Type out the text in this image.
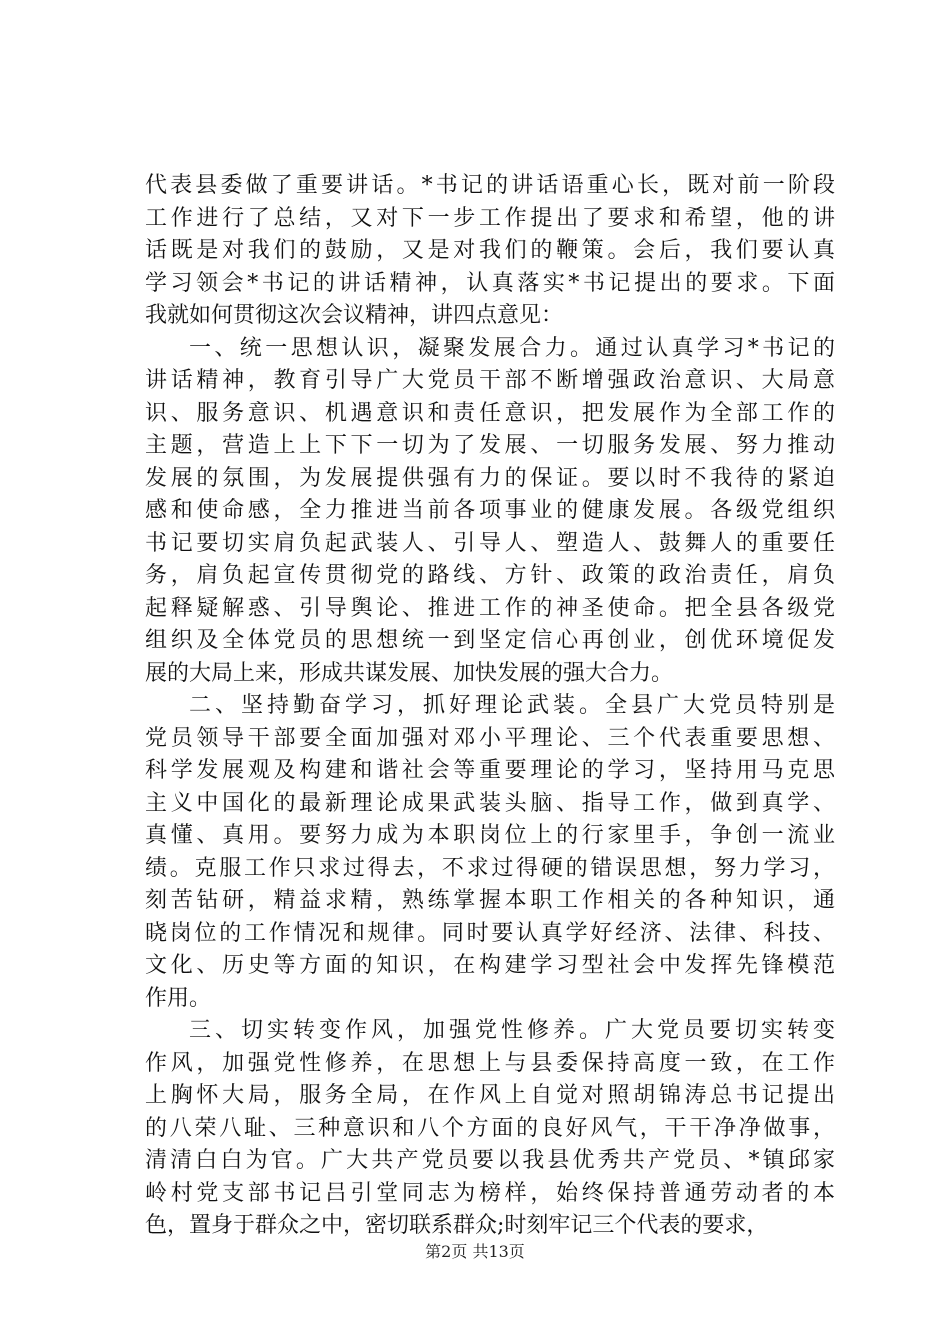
代表县委做了重要讲话。*书记的讲话语重心长，既对前一阶段
工作进行了总结，又对下一步工作提出了要求和希望，他的讲
话既是对我们的鼓励，又是对我们的鞭策。会后，我们要认真
学习领会*书记的讲话精神，认真落实*书记提出的要求。下面
我就如何贯彻这次会议精神，讲四点意见：
一、统一思想认识，凝聚发展合力。通过认真学习*书记的
讲话精神，教育引导广大党员干部不断增强政治意识、大局意
识、服务意识、机遇意识和责任意识，把发展作为全部工作的
主题，营造上上下下一切为了发展、一切服务发展、努力推动
发展的氛围，为发展提供强有力的保证。要以时不我待的紧迫
感和使命感，全力推进当前各项事业的健康发展。各级党组织
书记要切实肩负起武装人、引导人、塑造人、鼓舞人的重要任
务，肩负起宣传贯彻党的路线、方针、政策的政治责任，肩负
起释疑解惑、引导舆论、推进工作的神圣使命。把全县各级党
组织及全体党员的思想统一到坚定信心再创业，创优环境促发
展的大局上来，形成共谋发展、加快发展的强大合力。
二、坚持勤奋学习，抓好理论武装。全县广大党员特别是
党员领导干部要全面加强对邓小平理论、三个代表重要思想、
科学发展观及构建和谐社会等重要理论的学习，坚持用马克思
主义中国化的最新理论成果武装头脑、指导工作，做到真学、
真懂、真用。要努力成为本职岗位上的行家里手，争创一流业
绩。克服工作只求过得去，不求过得硬的错误思想，努力学习，
刻苦钻研，精益求精，熟练掌握本职工作相关的各种知识，通
晓岗位的工作情况和规律。同时要认真学好经济、法律、科技、
文化、历史等方面的知识，在构建学习型社会中发挥先锋模范
作用。
三、切实转变作风，加强党性修养。广大党员要切实转变
作风，加强党性修养，在思想上与县委保持高度一致，在工作
上胸怀大局，服务全局，在作风上自觉对照胡锦涛总书记提出
的八荣八耻、三种意识和八个方面的良好风气，干干净净做事，
清清白白为官。广大共产党员要以我县优秀共产党员、*镇邱家
岭村党支部书记吕引堂同志为榜样，始终保持普通劳动者的本
色，置身于群众之中，密切联系群众;时刻牢记三个代表的要求，
第2页 共13页
